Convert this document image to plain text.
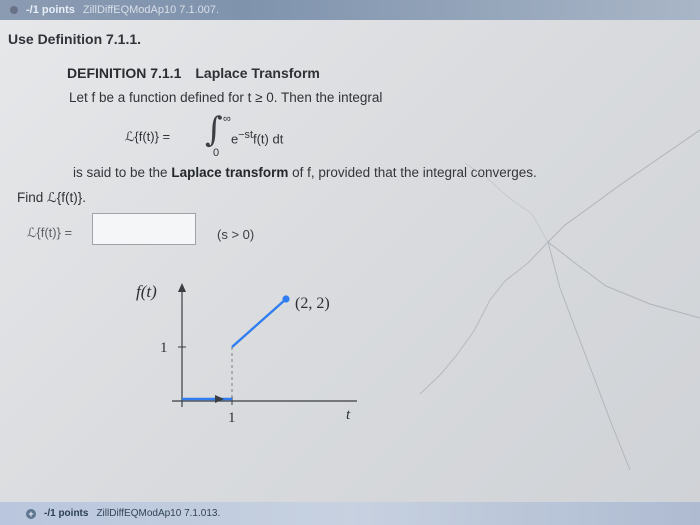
-/1 points ZillDiffEQModAp10 7.1.007.
Use Definition 7.1.1.
DEFINITION 7.1.1 Laplace Transform
Let f be a function defined for t ≥ 0. Then the integral
ℒ{f(t)} = ∫ ∞
0
$e^{-st}f(t)$ dt
is said to be the Laplace transform of f, provided that the integral converges.
Find ℒ{f(t)}.
ℒ{f(t)} =	(s > 0)
f(t)
t
1
1
(2, 2)
+ -/1 points ZillDiffEQModAp10 7.1.013.
